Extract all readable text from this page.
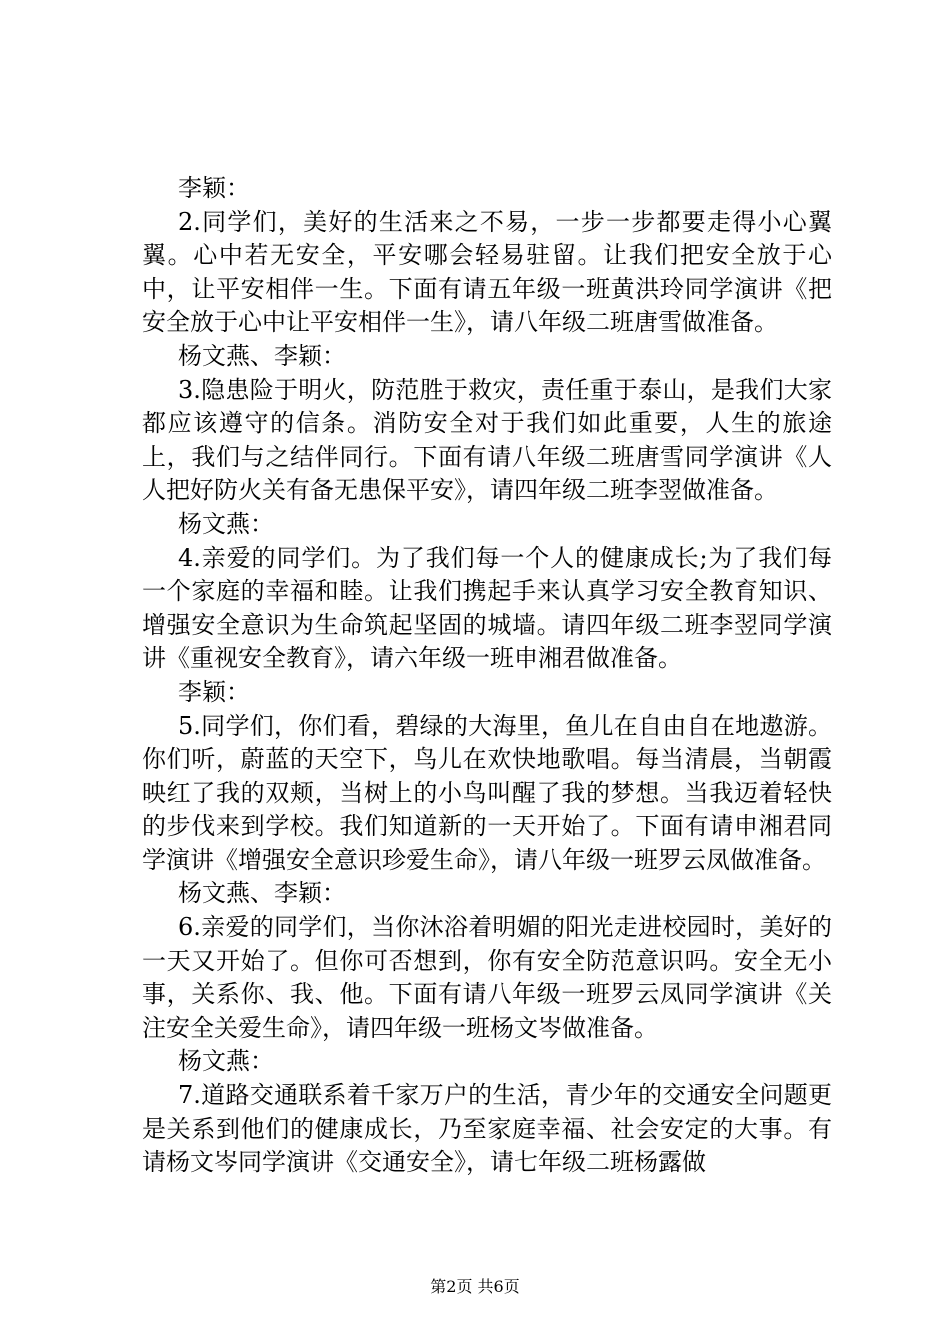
李颖：

2.同学们，美好的生活来之不易，一步一步都要走得小心翼翼。心中若无安全，平安哪会轻易驻留。让我们把安全放于心中，让平安相伴一生。下面有请五年级一班黄洪玲同学演讲《把安全放于心中让平安相伴一生》，请八年级二班唐雪做准备。

杨文燕、李颖：

3.隐患险于明火，防范胜于救灾，责任重于泰山，是我们大家都应该遵守的信条。消防安全对于我们如此重要，人生的旅途上，我们与之结伴同行。下面有请八年级二班唐雪同学演讲《人人把好防火关有备无患保平安》，请四年级二班李翌做准备。

杨文燕：

4.亲爱的同学们。为了我们每一个人的健康成长;为了我们每一个家庭的幸福和睦。让我们携起手来认真学习安全教育知识、增强安全意识为生命筑起坚固的城墙。请四年级二班李翌同学演讲《重视安全教育》，请六年级一班申湘君做准备。

李颖：

5.同学们，你们看，碧绿的大海里，鱼儿在自由自在地遨游。你们听，蔚蓝的天空下，鸟儿在欢快地歌唱。每当清晨，当朝霞映红了我的双颊，当树上的小鸟叫醒了我的梦想。当我迈着轻快的步伐来到学校。我们知道新的一天开始了。下面有请申湘君同学演讲《增强安全意识珍爱生命》，请八年级一班罗云凤做准备。

杨文燕、李颖：

6.亲爱的同学们，当你沐浴着明媚的阳光走进校园时，美好的一天又开始了。但你可否想到，你有安全防范意识吗。安全无小事，关系你、我、他。下面有请八年级一班罗云凤同学演讲《关注安全关爱生命》，请四年级一班杨文岑做准备。

杨文燕：

7.道路交通联系着千家万户的生活，青少年的交通安全问题更是关系到他们的健康成长，乃至家庭幸福、社会安定的大事。有请杨文岑同学演讲《交通安全》，请七年级二班杨露做

第2页 共6页
